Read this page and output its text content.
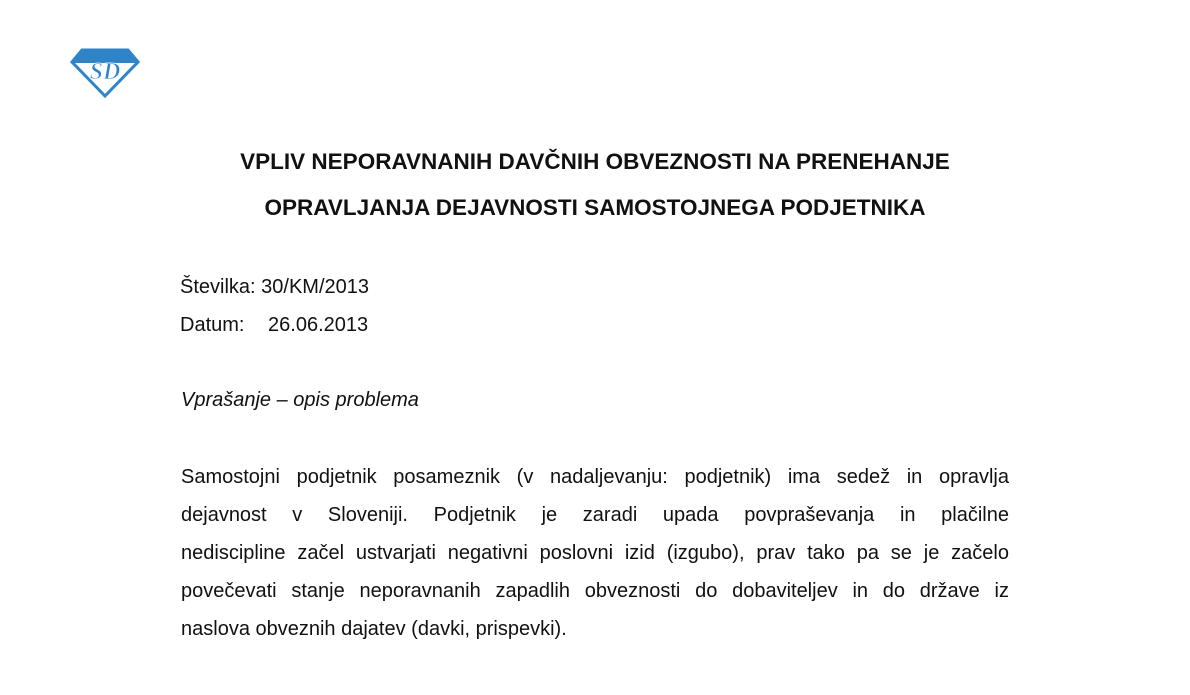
SD
VPLIV NEPORAVNANIH DAVČNIH OBVEZNOSTI NA PRENEHANJE
OPRAVLJANJA DEJAVNOSTI SAMOSTOJNEGA PODJETNIKA
Številka: 30/KM/2013
Datum: 26.06.2013
Vprašanje – opis problema
Samostojni podjetnik posameznik (v nadaljevanju: podjetnik) ima sedež in opravlja
dejavnost v Sloveniji. Podjetnik je zaradi upada povpraševanja in plačilne
nediscipline začel ustvarjati negativni poslovni izid (izgubo), prav tako pa se je začelo
povečevati stanje neporavnanih zapadlih obveznosti do dobaviteljev in do države iz
naslova obveznih dajatev (davki, prispevki).
